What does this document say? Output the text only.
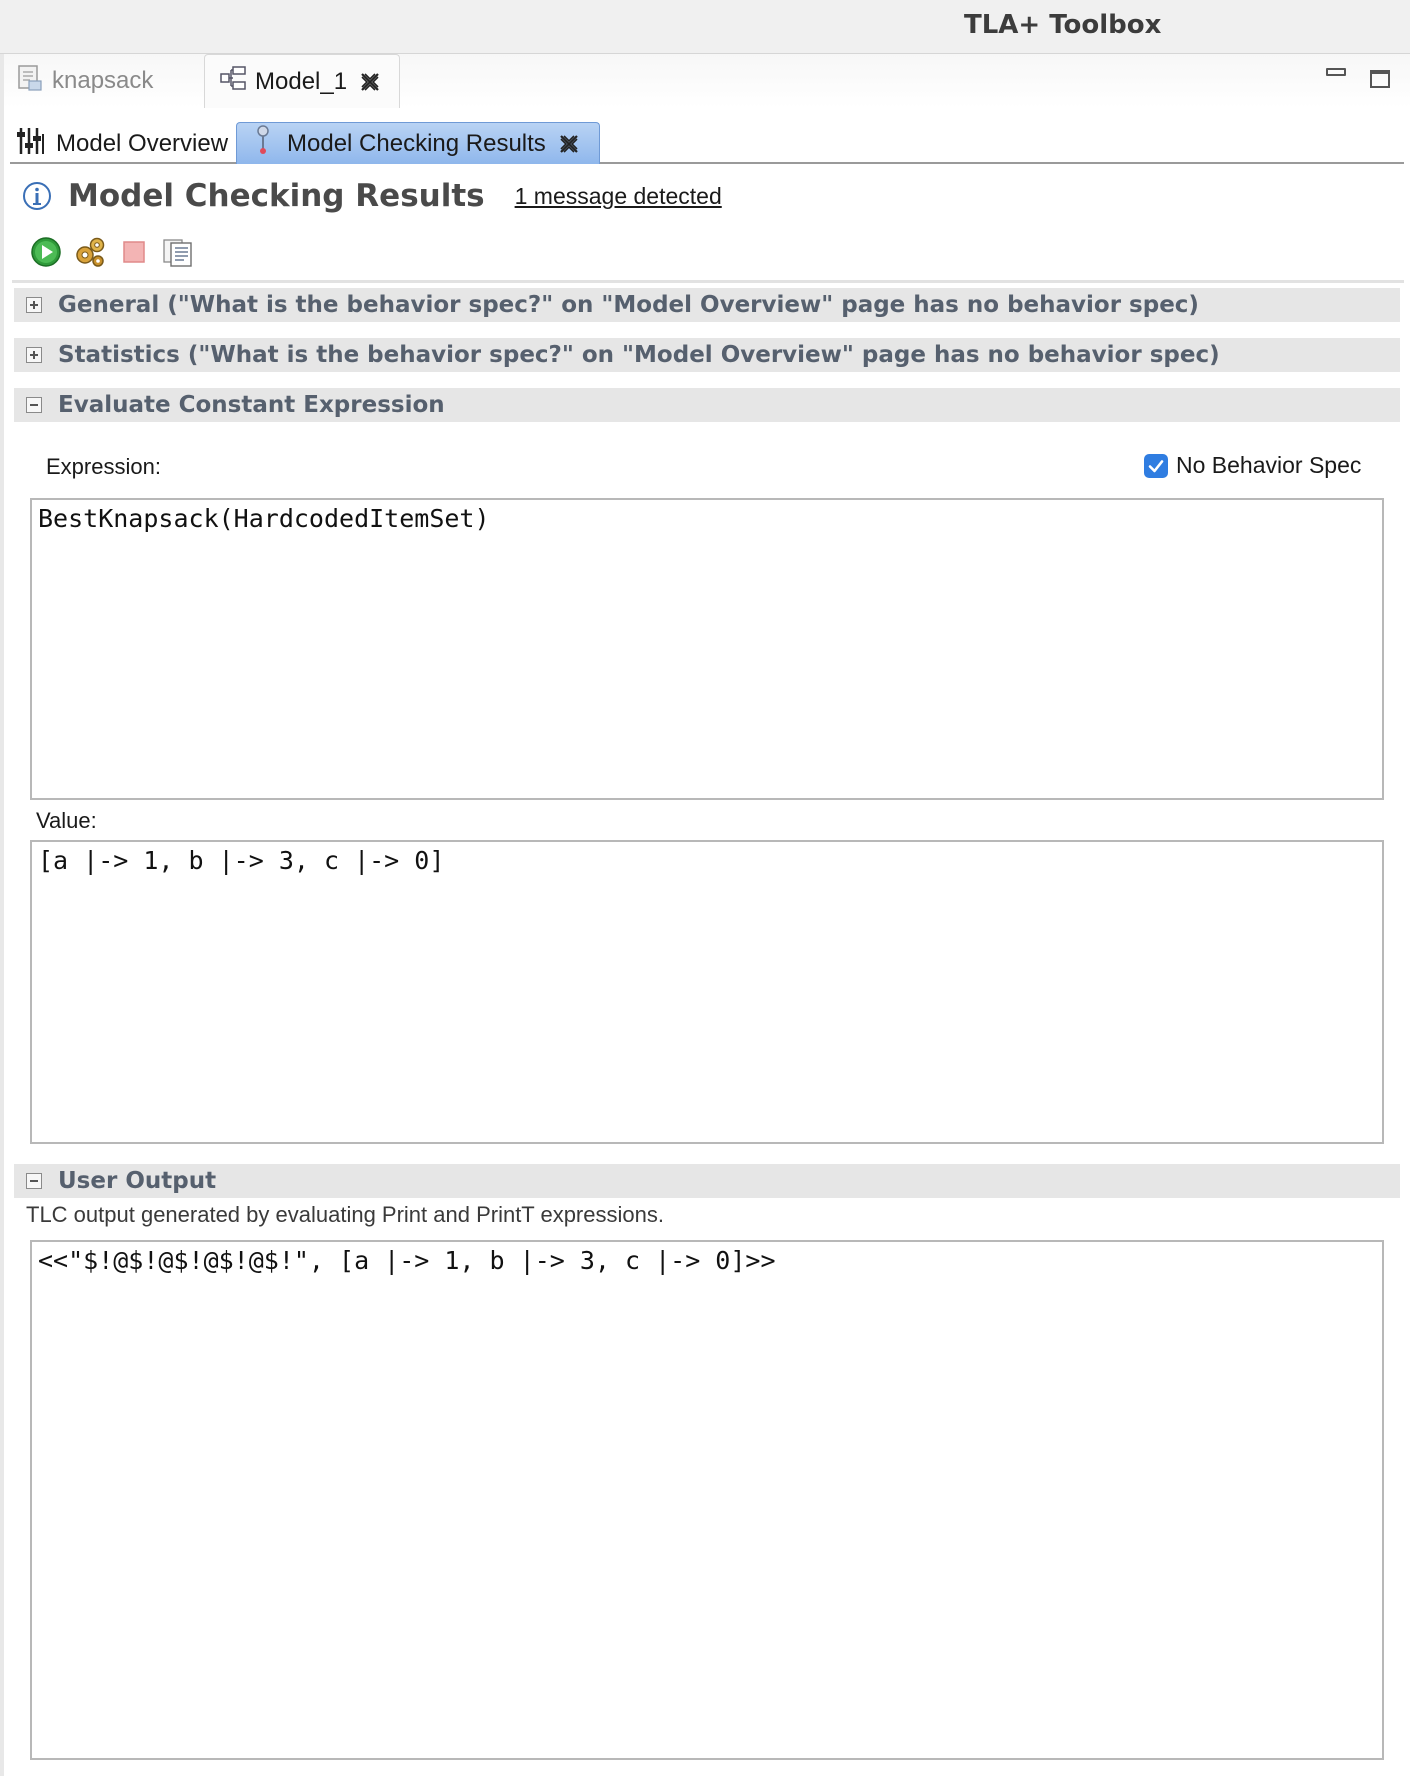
TLA+ Toolbox
knapsack	Model_1
Model Overview Model Checking Results
Model Checking Results 1 message detected
General ("What is the behavior spec?" on "Model Overview" page has no behavior spec)
Statistics ("What is the behavior spec?" on "Model Overview" page has no behavior spec)
Evaluate Constant Expression
Expression:	No Behavior Spec
BestKnapsack(HardcodedItemSet)
Value:
[a |-> 1, b |-> 3, c |-> 0]
User Output
TLC output generated by evaluating Print and PrintT expressions.
<<"$!@$!@$!@$!@$!", [a |-> 1, b |-> 3, c |-> 0]>>
